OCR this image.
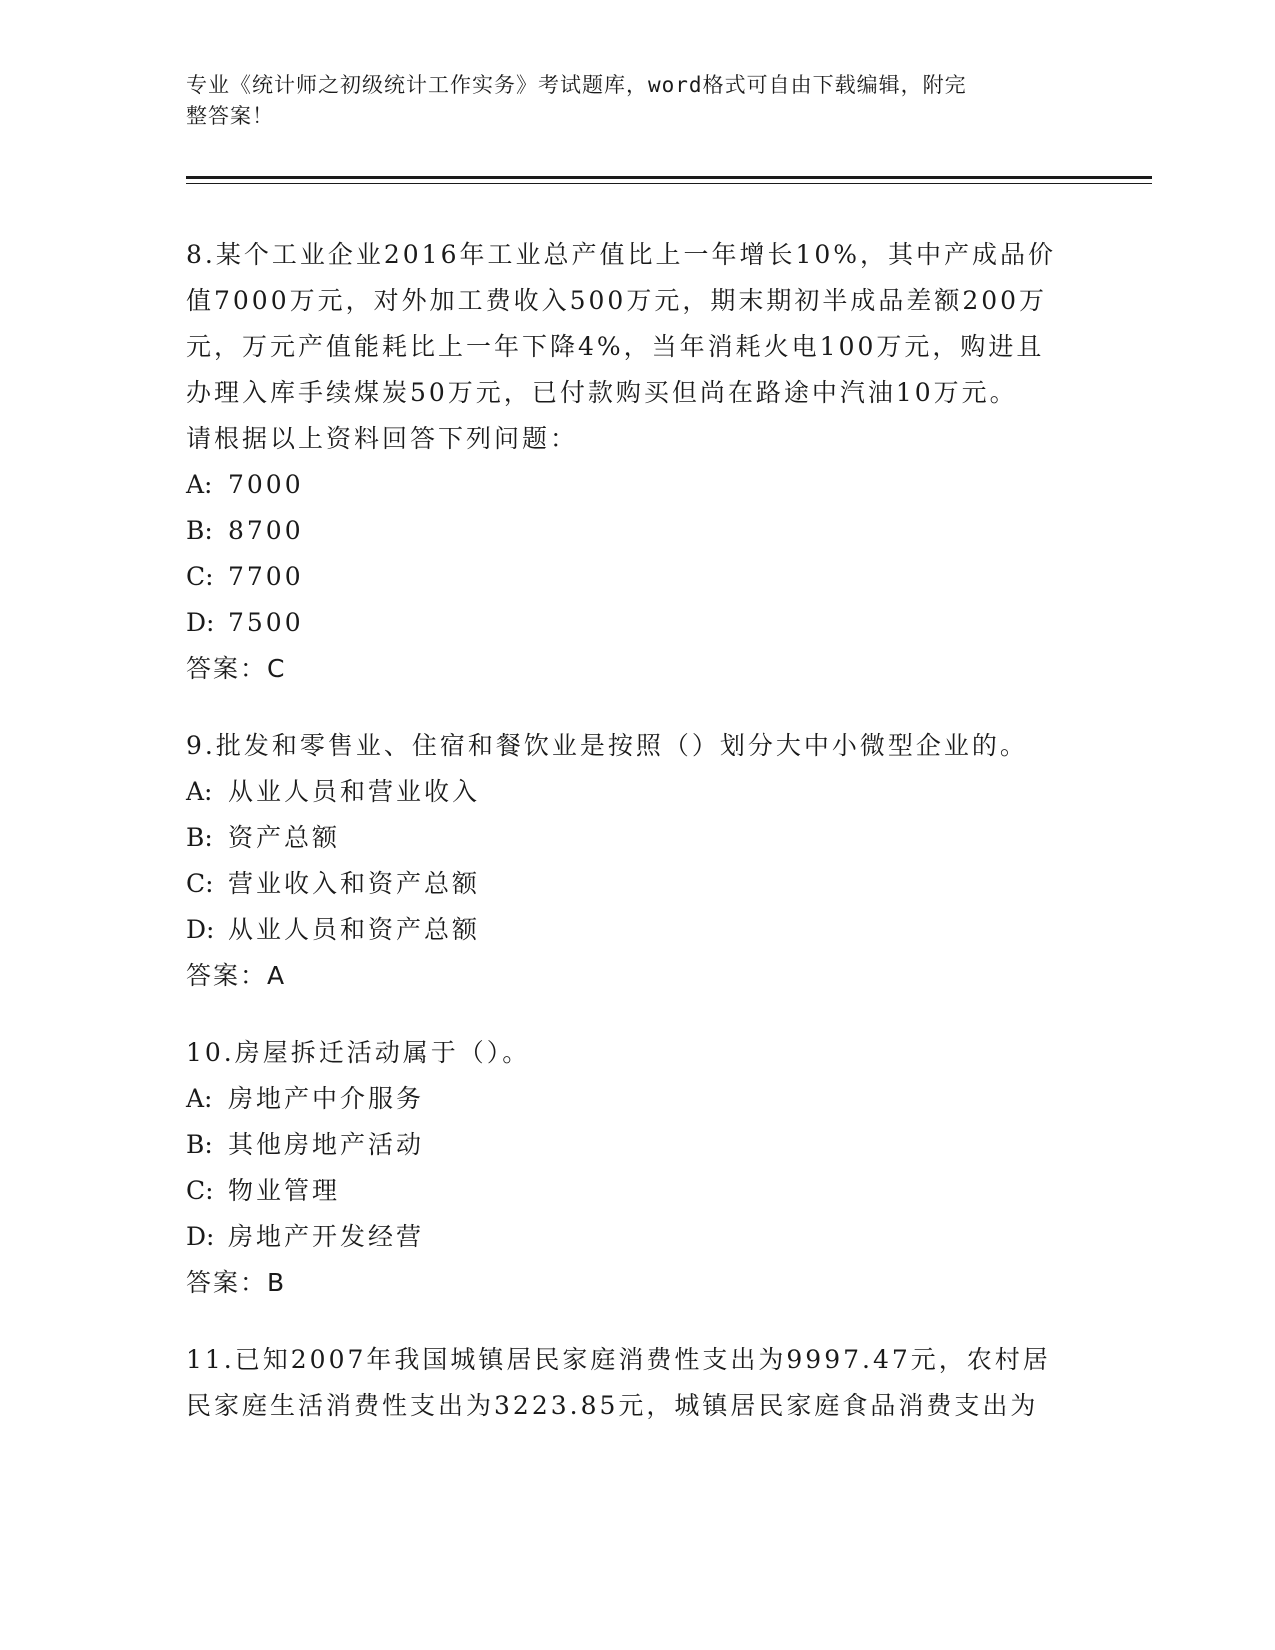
专业《统计师之初级统计工作实务》考试题库，word格式可自由下载编辑，附完
整答案！
8.某个工业企业2016年工业总产值比上一年增长10%，其中产成品价
值7000万元，对外加工费收入500万元，期末期初半成品差额200万
元，万元产值能耗比上一年下降4%，当年消耗火电100万元，购进且
办理入库手续煤炭50万元，已付款购买但尚在路途中汽油10万元。
请根据以上资料回答下列问题：
A: 7000
B: 8700
C: 7700
D: 7500
答案：C
9.批发和零售业、住宿和餐饮业是按照（）划分大中小微型企业的。
A: 从业人员和营业收入
B: 资产总额
C: 营业收入和资产总额
D: 从业人员和资产总额
答案：A
10.房屋拆迁活动属于（）。
A: 房地产中介服务
B: 其他房地产活动
C: 物业管理
D: 房地产开发经营
答案：B
11.已知2007年我国城镇居民家庭消费性支出为9997.47元，农村居
民家庭生活消费性支出为3223.85元，城镇居民家庭食品消费支出为
